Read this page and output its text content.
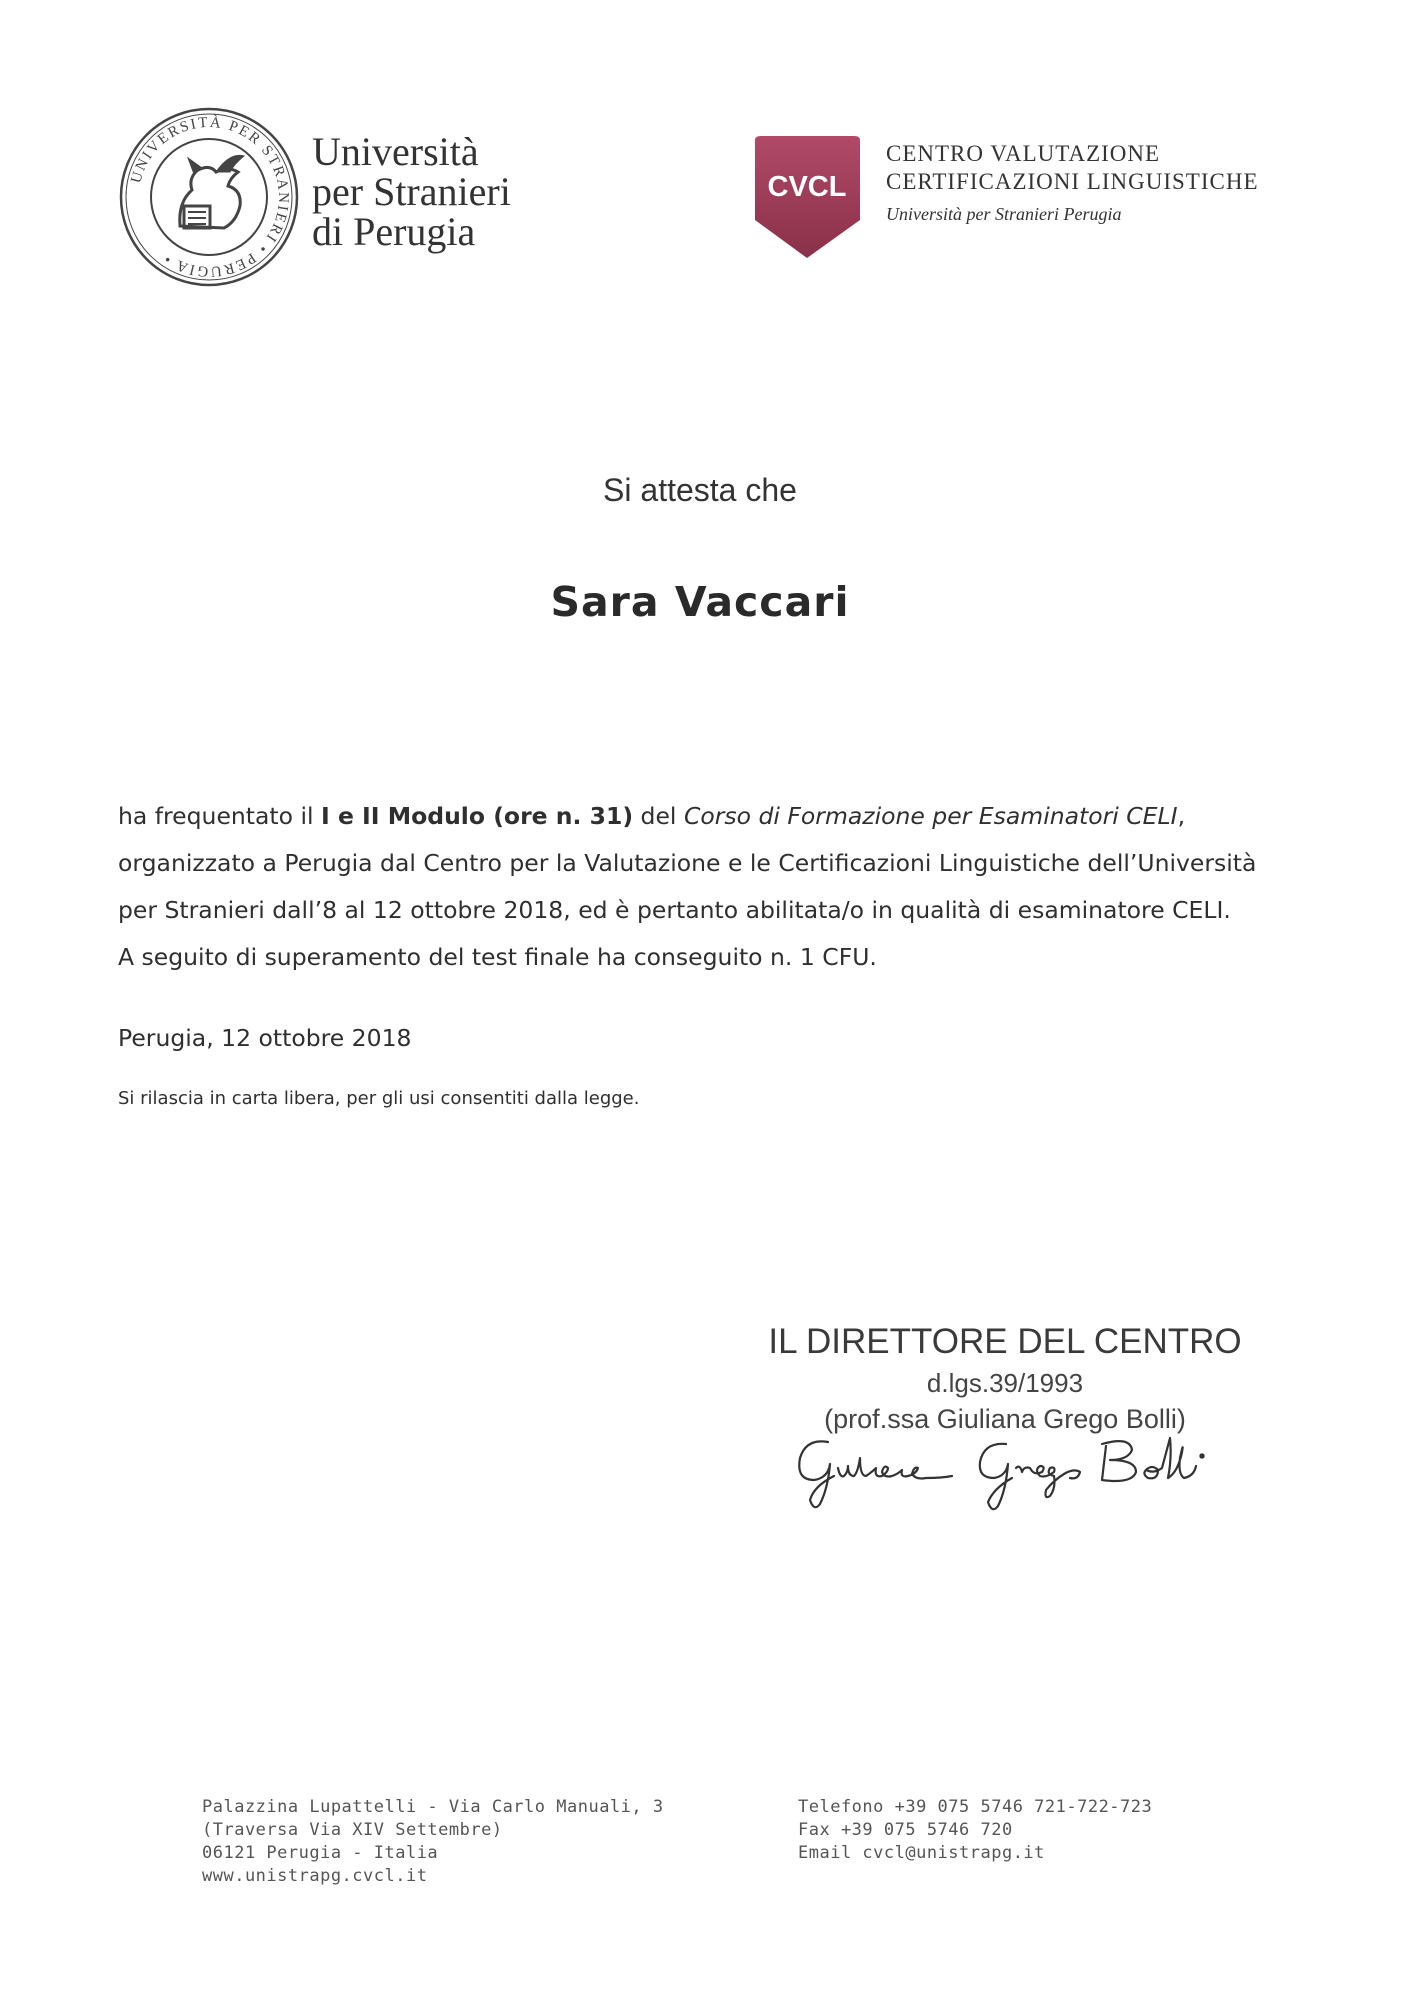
UNIVERSITÀ PER STRANIERI • PERUGIA •
Università
per Stranieri
di Perugia
CVCL
CENTRO VALUTAZIONE
CERTIFICAZIONI LINGUISTICHE
Università per Stranieri Perugia
Si attesta che
Sara Vaccari
ha frequentato il I e II Modulo (ore n. 31) del Corso di Formazione per Esaminatori CELI,
organizzato a Perugia dal Centro per la Valutazione e le Certificazioni Linguistiche dell’Università
per Stranieri dall’8 al 12 ottobre 2018, ed è pertanto abilitata/o in qualità di esaminatore CELI.
A seguito di superamento del test finale ha conseguito n. 1 CFU.
Perugia, 12 ottobre 2018
Si rilascia in carta libera, per gli usi consentiti dalla legge.
IL DIRETTORE DEL CENTRO
d.lgs.39/1993
(prof.ssa Giuliana Grego Bolli)
Palazzina Lupattelli - Via Carlo Manuali, 3
(Traversa Via XIV Settembre)
06121 Perugia - Italia
www.unistrapg.cvcl.it
Telefono +39 075 5746 721-722-723
Fax +39 075 5746 720
Email cvcl@unistrapg.it
